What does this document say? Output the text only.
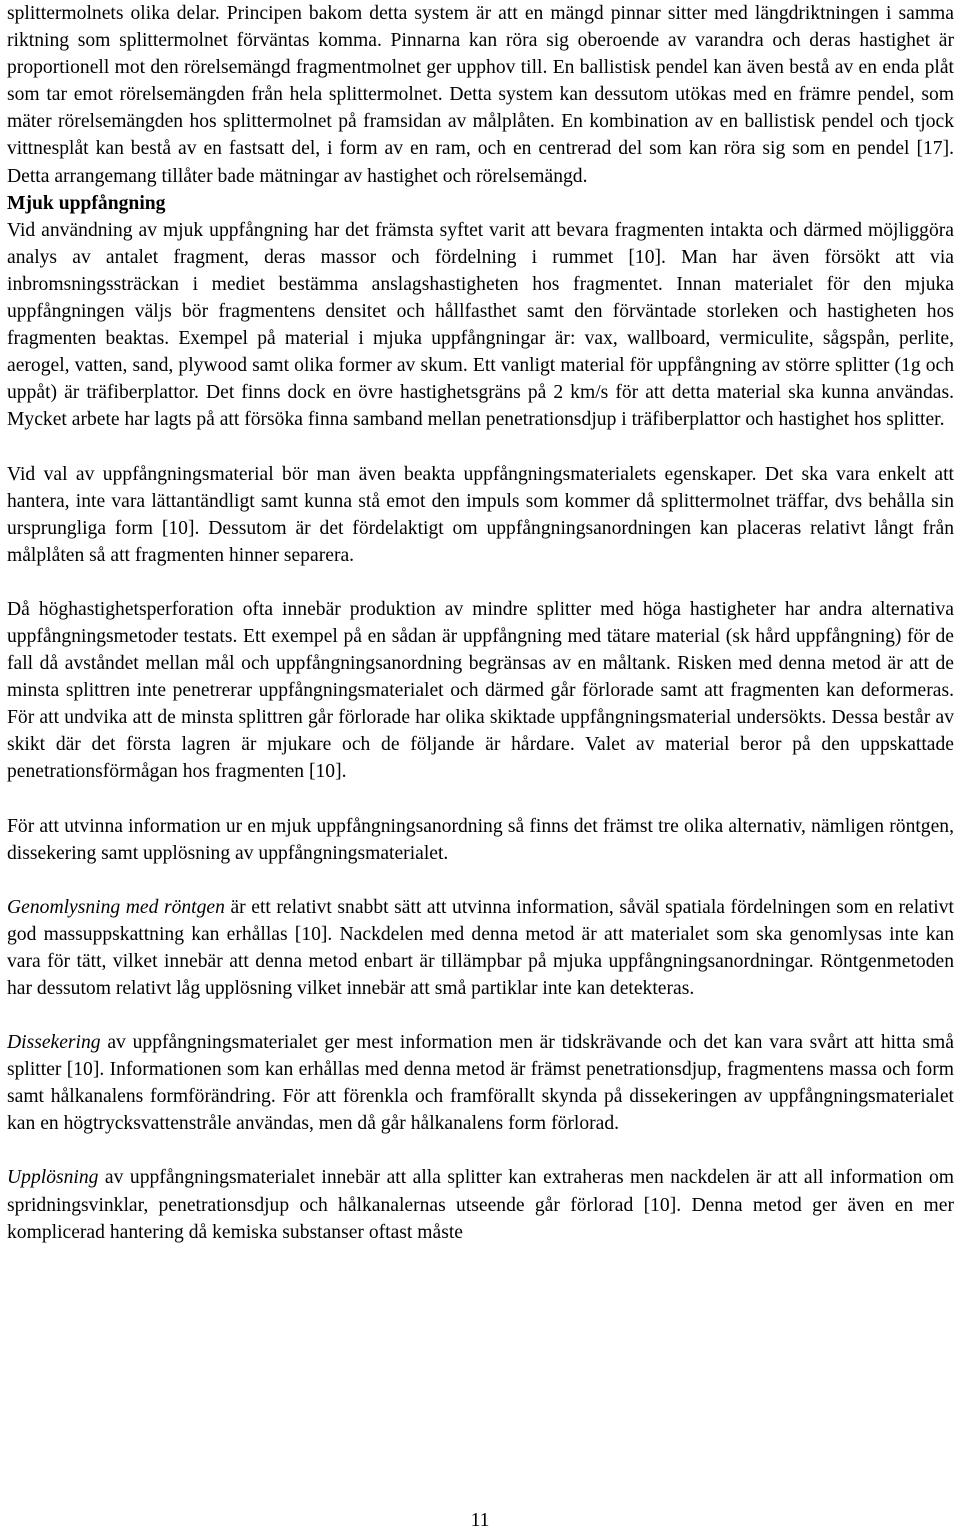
splittermolnets olika delar. Principen bakom detta system är att en mängd pinnar sitter med längdriktningen i samma riktning som splittermolnet förväntas komma. Pinnarna kan röra sig oberoende av varandra och deras hastighet är proportionell mot den rörelsemängd fragmentmolnet ger upphov till. En ballistisk pendel kan även bestå av en enda plåt som tar emot rörelsemängden från hela splittermolnet. Detta system kan dessutom utökas med en främre pendel, som mäter rörelsemängden hos splittermolnet på framsidan av målplåten. En kombination av en ballistisk pendel och tjock vittnesplåt kan bestå av en fastsatt del, i form av en ram, och en centrerad del som kan röra sig som en pendel [17]. Detta arrangemang tillåter bade mätningar av hastighet och rörelsemängd.

Mjuk uppfångning

Vid användning av mjuk uppfångning har det främsta syftet varit att bevara fragmenten intakta och därmed möjliggöra analys av antalet fragment, deras massor och fördelning i rummet [10]. Man har även försökt att via inbromsningssträckan i mediet bestämma anslagshastigheten hos fragmentet. Innan materialet för den mjuka uppfångningen väljs bör fragmentens densitet och hållfasthet samt den förväntade storleken och hastigheten hos fragmenten beaktas. Exempel på material i mjuka uppfångningar är: vax, wallboard, vermiculite, sågspån, perlite, aerogel, vatten, sand, plywood samt olika former av skum. Ett vanligt material för uppfångning av större splitter (1g och uppåt) är träfiberplattor. Det finns dock en övre hastighetsgräns på 2 km/s för att detta material ska kunna användas. Mycket arbete har lagts på att försöka finna samband mellan penetrationsdjup i träfiberplattor och hastighet hos splitter.

Vid val av uppfångningsmaterial bör man även beakta uppfångningsmaterialets egenskaper. Det ska vara enkelt att hantera, inte vara lättantändligt samt kunna stå emot den impuls som kommer då splittermolnet träffar, dvs behålla sin ursprungliga form [10]. Dessutom är det fördelaktigt om uppfångningsanordningen kan placeras relativt långt från målplåten så att fragmenten hinner separera.

Då höghastighetsperforation ofta innebär produktion av mindre splitter med höga hastigheter har andra alternativa uppfångningsmetoder testats. Ett exempel på en sådan är uppfångning med tätare material (sk hård uppfångning) för de fall då avståndet mellan mål och uppfångningsanordning begränsas av en måltank. Risken med denna metod är att de minsta splittren inte penetrerar uppfångningsmaterialet och därmed går förlorade samt att fragmenten kan deformeras. För att undvika att de minsta splittren går förlorade har olika skiktade uppfångningsmaterial undersökts. Dessa består av skikt där det första lagren är mjukare och de följande är hårdare. Valet av material beror på den uppskattade penetrationsförmågan hos fragmenten [10].

För att utvinna information ur en mjuk uppfångningsanordning så finns det främst tre olika alternativ, nämligen röntgen, dissekering samt upplösning av uppfångningsmaterialet.

Genomlysning med röntgen är ett relativt snabbt sätt att utvinna information, såväl spatiala fördelningen som en relativt god massuppskattning kan erhållas [10]. Nackdelen med denna metod är att materialet som ska genomlysas inte kan vara för tätt, vilket innebär att denna metod enbart är tillämpbar på mjuka uppfångningsanordningar. Röntgenmetoden har dessutom relativt låg upplösning vilket innebär att små partiklar inte kan detekteras.

Dissekering av uppfångningsmaterialet ger mest information men är tidskrävande och det kan vara svårt att hitta små splitter [10]. Informationen som kan erhållas med denna metod är främst penetrationsdjup, fragmentens massa och form samt hålkanalens formförändring. För att förenkla och framförallt skynda på dissekeringen av uppfångningsmaterialet kan en högtrycksvattenstråle användas, men då går hålkanalens form förlorad.

Upplösning av uppfångningsmaterialet innebär att alla splitter kan extraheras men nackdelen är att all information om spridningsvinklar, penetrationsdjup och hålkanalernas utseende går förlorad [10]. Denna metod ger även en mer komplicerad hantering då kemiska substanser oftast måste

11
